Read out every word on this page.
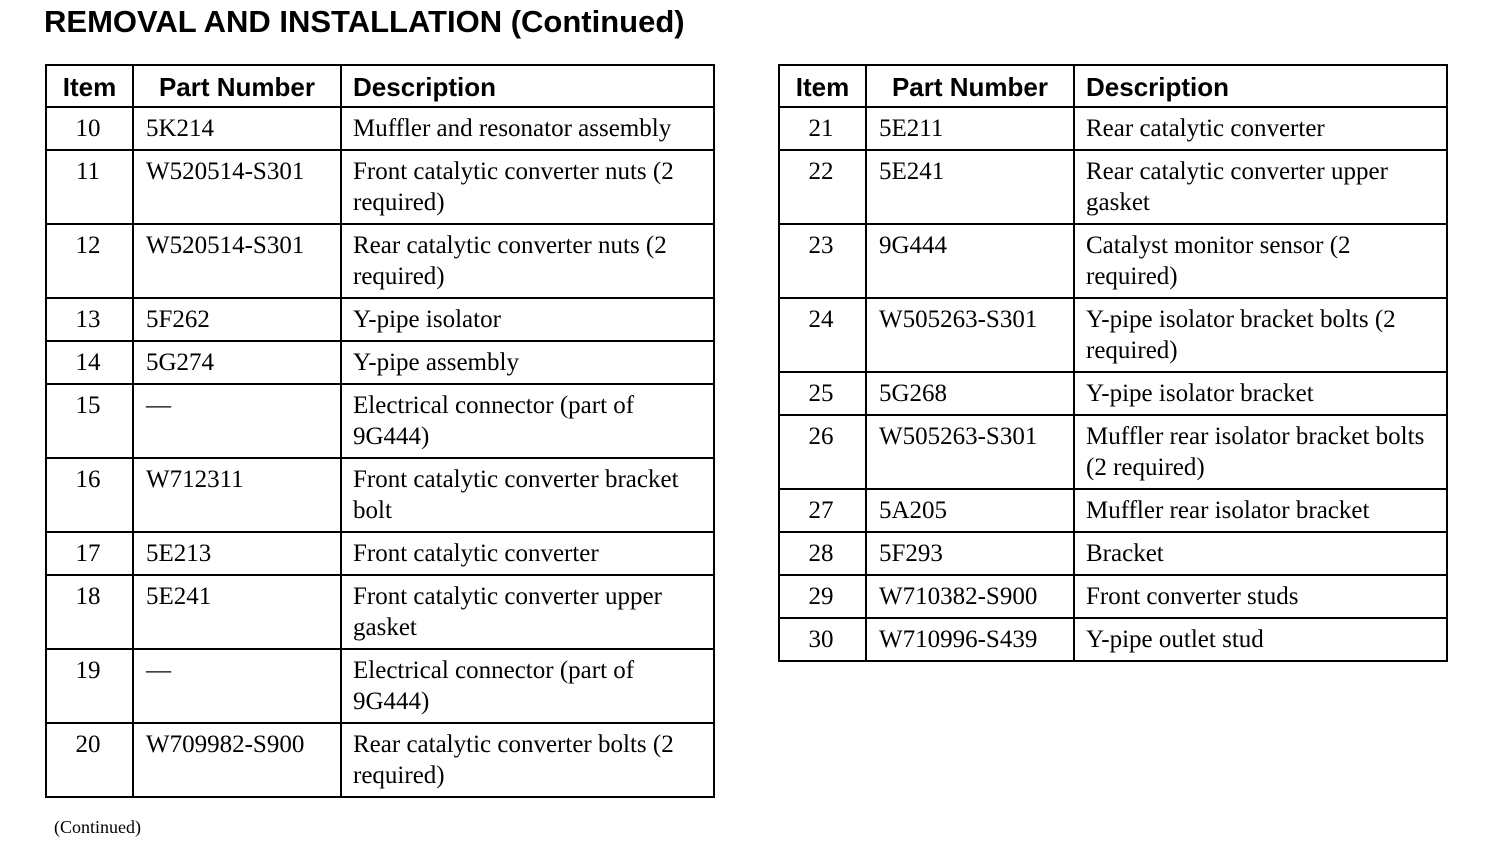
REMOVAL AND INSTALLATION (Continued)
Item	Part Number	Description
10	5K214	Muffler and resonator assembly
11	W520514-S301	Front catalytic converter nuts (2 required)
12	W520514-S301	Rear catalytic converter nuts (2 required)
13	5F262	Y-pipe isolator
14	5G274	Y-pipe assembly
15	—	Electrical connector (part of 9G444)
16	W712311	Front catalytic converter bracket bolt
17	5E213	Front catalytic converter
18	5E241	Front catalytic converter upper gasket
19	—	Electrical connector (part of 9G444)
20	W709982-S900	Rear catalytic converter bolts (2 required)
Item	Part Number	Description
21	5E211	Rear catalytic converter
22	5E241	Rear catalytic converter upper gasket
23	9G444	Catalyst monitor sensor (2 required)
24	W505263-S301	Y-pipe isolator bracket bolts (2 required)
25	5G268	Y-pipe isolator bracket
26	W505263-S301	Muffler rear isolator bracket bolts (2 required)
27	5A205	Muffler rear isolator bracket
28	5F293	Bracket
29	W710382-S900	Front converter studs
30	W710996-S439	Y-pipe outlet stud
(Continued)
